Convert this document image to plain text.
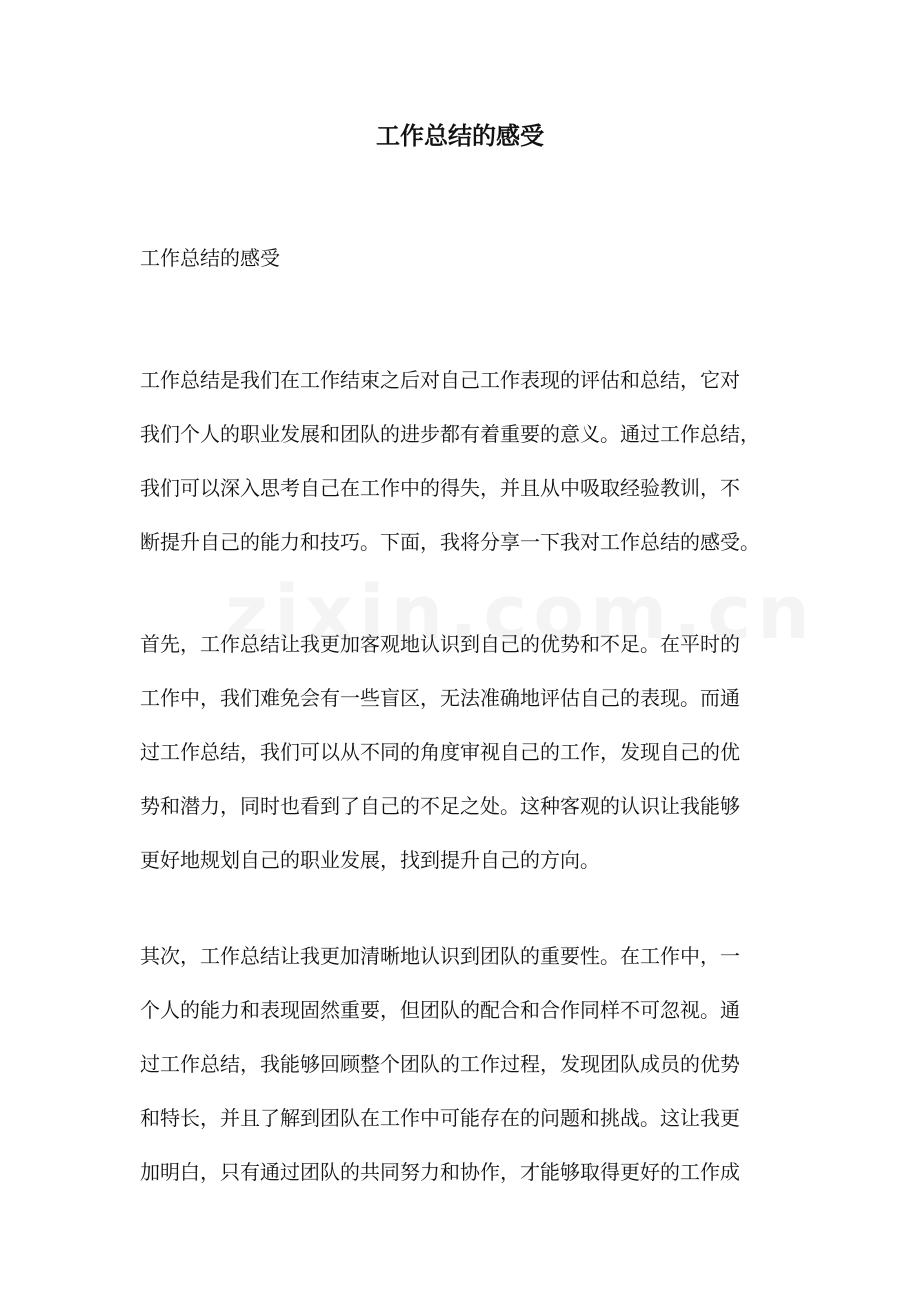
工作总结的感受

工作总结的感受

工作总结是我们在工作结束之后对自己工作表现的评估和总结，它对
我们个人的职业发展和团队的进步都有着重要的意义。通过工作总结，
我们可以深入思考自己在工作中的得失，并且从中吸取经验教训，不
断提升自己的能力和技巧。下面，我将分享一下我对工作总结的感受。

首先，工作总结让我更加客观地认识到自己的优势和不足。在平时的
工作中，我们难免会有一些盲区，无法准确地评估自己的表现。而通
过工作总结，我们可以从不同的角度审视自己的工作，发现自己的优
势和潜力，同时也看到了自己的不足之处。这种客观的认识让我能够
更好地规划自己的职业发展，找到提升自己的方向。

其次，工作总结让我更加清晰地认识到团队的重要性。在工作中，一
个人的能力和表现固然重要，但团队的配合和合作同样不可忽视。通
过工作总结，我能够回顾整个团队的工作过程，发现团队成员的优势
和特长，并且了解到团队在工作中可能存在的问题和挑战。这让我更
加明白，只有通过团队的共同努力和协作，才能够取得更好的工作成
